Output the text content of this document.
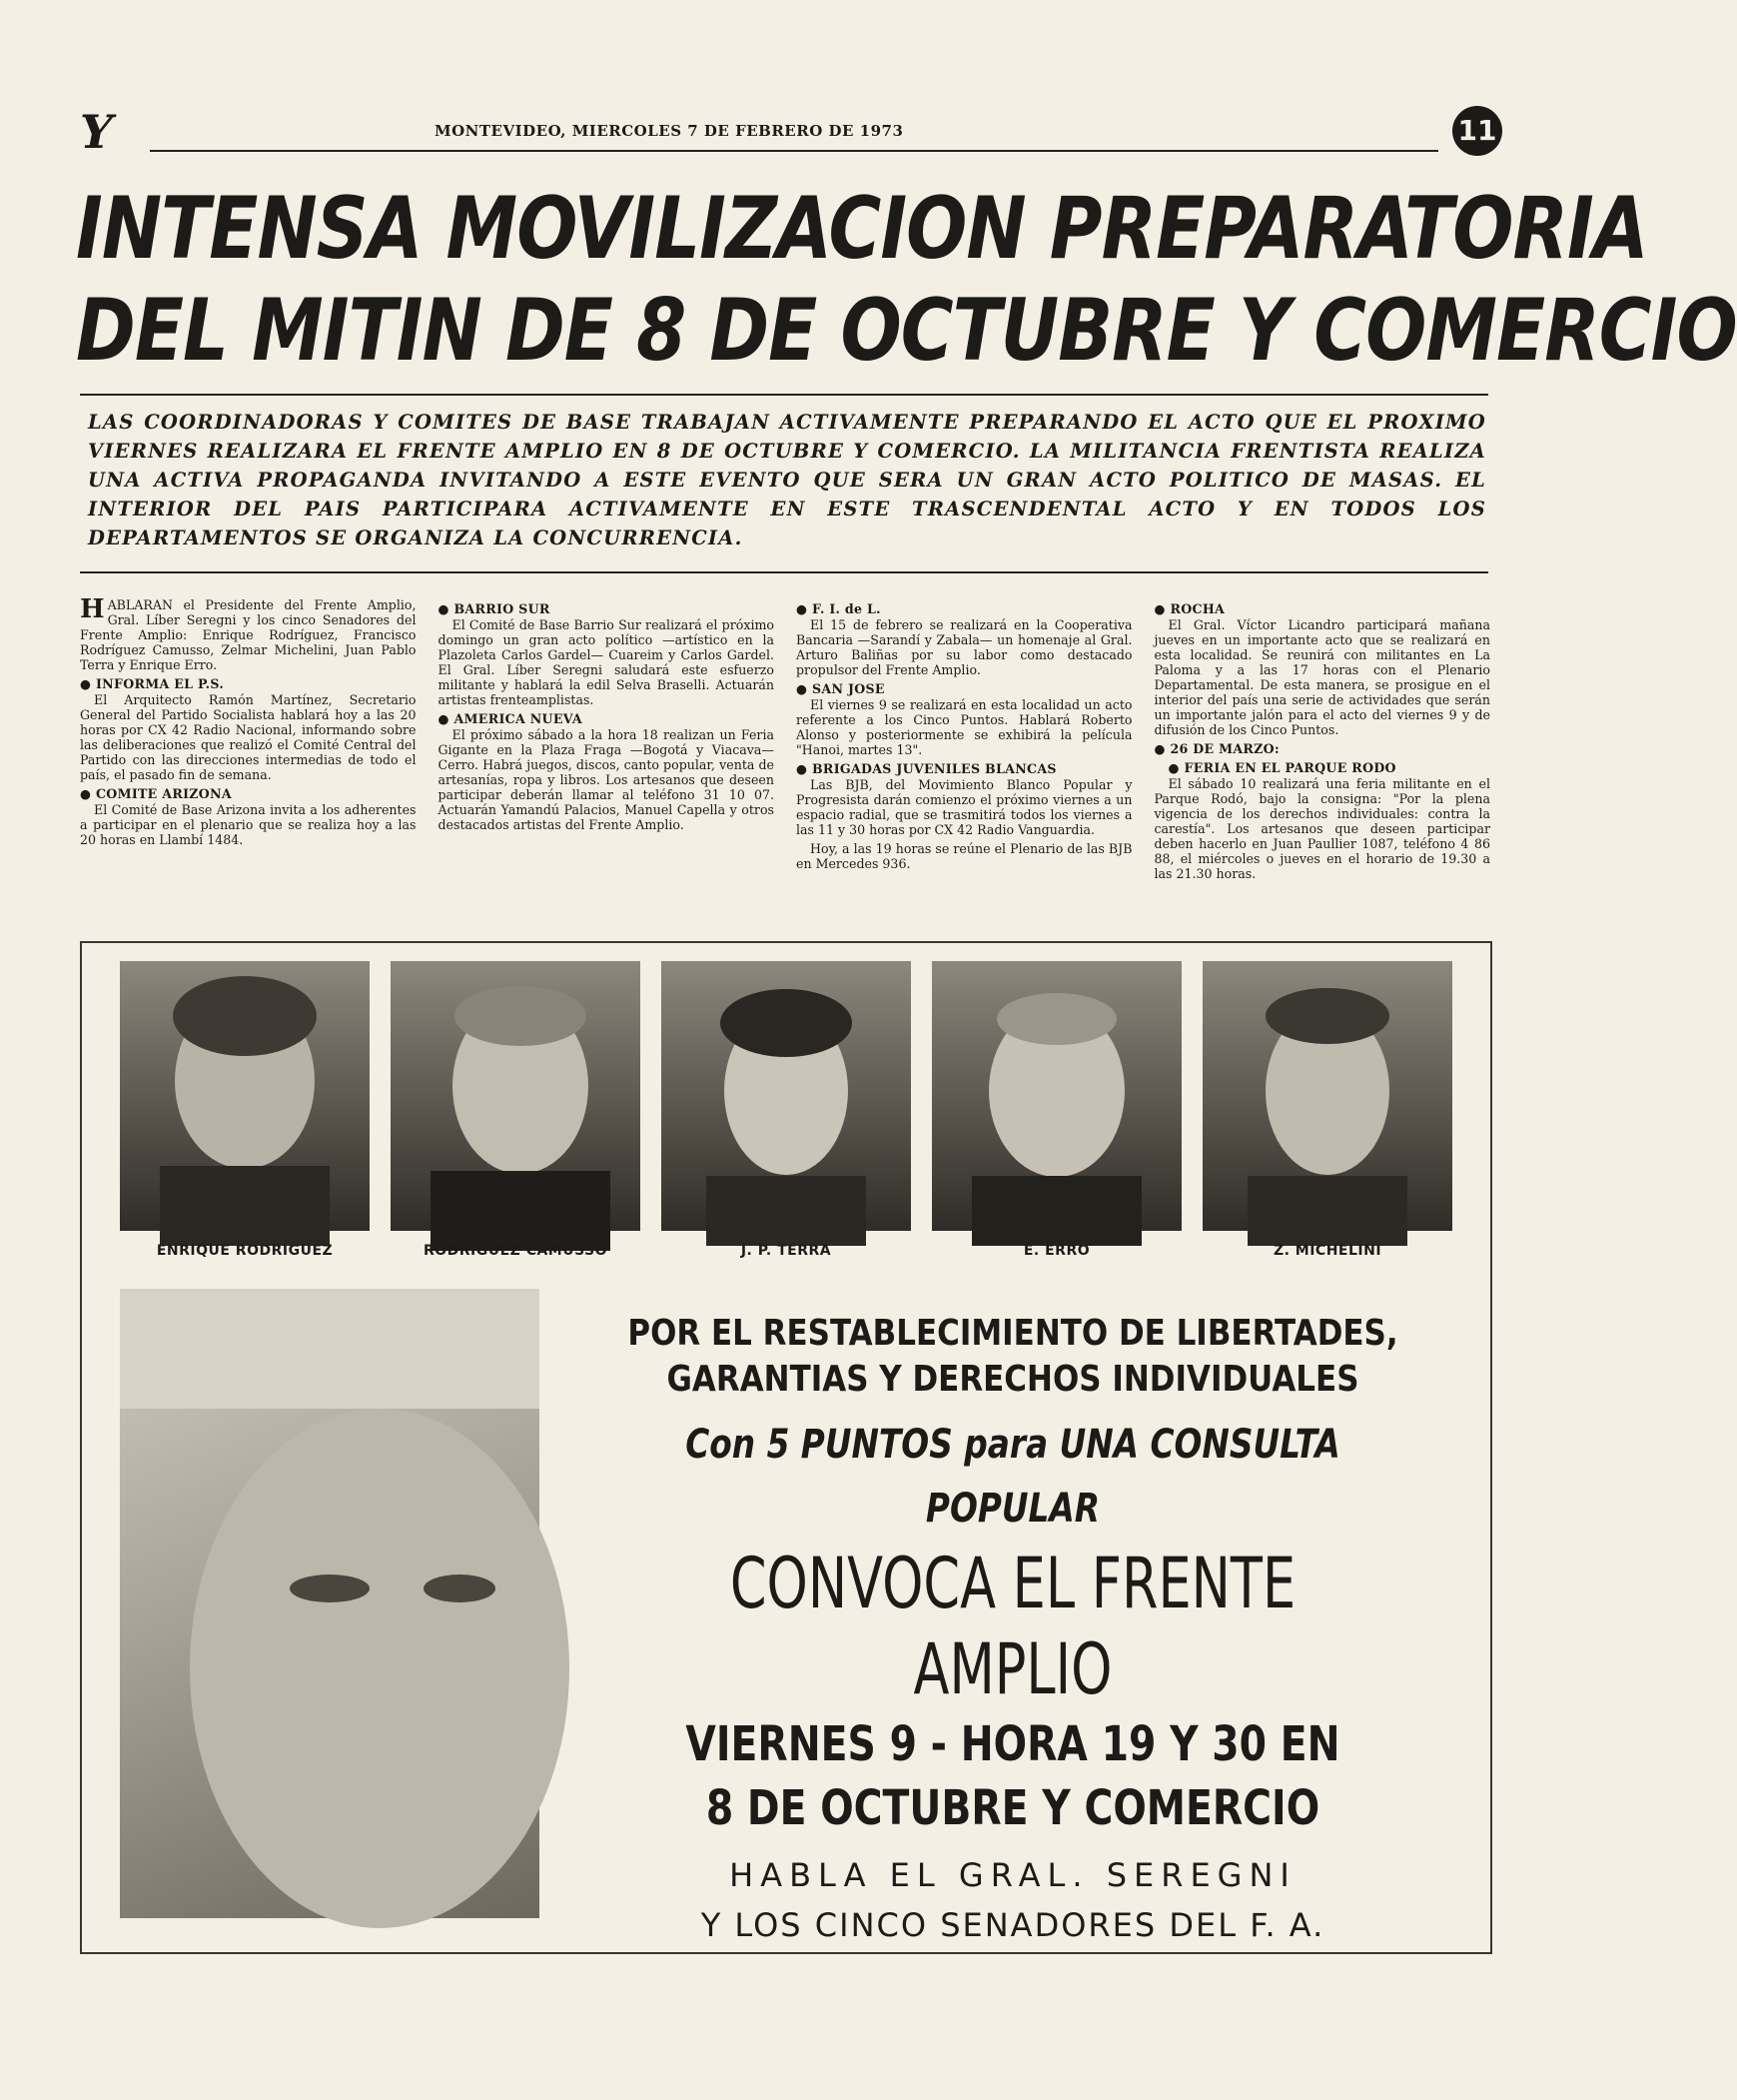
Y	MONTEVIDEO, MIERCOLES 7 DE FEBRERO DE 1973	11
INTENSA MOVILIZACION PREPARATORIA
DEL MITIN DE 8 DE OCTUBRE Y COMERCIO
LAS COORDINADORAS Y COMITES DE BASE TRABAJAN ACTIVAMENTE PREPARANDO EL ACTO QUE EL PROXIMO VIERNES REALIZARA EL FRENTE AMPLIO EN 8 DE OCTUBRE Y COMERCIO. LA MILITANCIA FRENTISTA REALIZA UNA ACTIVA PROPAGANDA INVITANDO A ESTE EVENTO QUE SERA UN GRAN ACTO POLITICO DE MASAS. EL INTERIOR DEL PAIS PARTICIPARA ACTIVAMENTE EN ESTE TRASCENDENTAL ACTO Y EN TODOS LOS DEPARTAMENTOS SE ORGANIZA LA CONCURRENCIA.

HABLARAN el Presidente del Frente Amplio, Gral. Líber Seregni y los cinco Senadores del Frente Amplio: Enrique Rodríguez, Francisco Rodríguez Camusso, Zelmar Michelini, Juan Pablo Terra y Enrique Erro.

● INFORMA EL P.S.

El Arquitecto Ramón Martínez, Secretario General del Partido Socialista hablará hoy a las 20 horas por CX 42 Radio Nacional, informando sobre las deliberaciones que realizó el Comité Central del Partido con las direcciones intermedias de todo el país, el pasado fin de semana.

● COMITE ARIZONA

El Comité de Base Arizona invita a los adherentes a participar en el plenario que se realiza hoy a las 20 horas en Llambí 1484.

● BARRIO SUR

El Comité de Base Barrio Sur realizará el próximo domingo un gran acto político —artístico en la Plazoleta Carlos Gardel— Cuareim y Carlos Gardel. El Gral. Líber Seregni saludará este esfuerzo militante y hablará la edil Selva Braselli. Actuarán artistas frenteamplistas.

● AMERICA NUEVA

El próximo sábado a la hora 18 realizan un Feria Gigante en la Plaza Fraga —Bogotá y Viacava— Cerro. Habrá juegos, discos, canto popular, venta de artesanías, ropa y libros. Los artesanos que deseen participar deberán llamar al teléfono 31 10 07. Actuarán Yamandú Palacios, Manuel Capella y otros destacados artistas del Frente Amplio.

● F. I. de L.

El 15 de febrero se realizará en la Cooperativa Bancaria —Sarandí y Zabala— un homenaje al Gral. Arturo Baliñas por su labor como destacado propulsor del Frente Amplio.

● SAN JOSE

El viernes 9 se realizará en esta localidad un acto referente a los Cinco Puntos. Hablará Roberto Alonso y posteriormente se exhibirá la película "Hanoi, martes 13".

● BRIGADAS JUVENILES BLANCAS

Las BJB, del Movimiento Blanco Popular y Progresista darán comienzo el próximo viernes a un espacio radial, que se trasmitirá todos los viernes a las 11 y 30 horas por CX 42 Radio Vanguardia.

Hoy, a las 19 horas se reúne el Plenario de las BJB en Mercedes 936.

● ROCHA

El Gral. Víctor Licandro participará mañana jueves en un importante acto que se realizará en esta localidad. Se reunirá con militantes en La Paloma y a las 17 horas con el Plenario Departamental. De esta manera, se prosigue en el interior del país una serie de actividades que serán un importante jalón para el acto del viernes 9 y de difusión de los Cinco Puntos.

● 26 DE MARZO:

● FERIA EN EL PARQUE RODO

El sábado 10 realizará una feria militante en el Parque Rodó, bajo la consigna: "Por la plena vigencia de los derechos individuales: contra la carestía". Los artesanos que deseen participar deben hacerlo en Juan Paullier 1087, teléfono 4 86 88, el miércoles o jueves en el horario de 19.30 a las 21.30 horas.

ENRIQUE RODRIGUEZ	RODRIGUEZ CAMUSSO	J. P. TERRA	E. ERRO	Z. MICHELINI
POR EL RESTABLECIMIENTO DE LIBERTADES,
GARANTIAS Y DERECHOS INDIVIDUALES
Con 5 PUNTOS para UNA CONSULTA POPULAR
CONVOCA EL FRENTE AMPLIO
VIERNES 9 - HORA 19 Y 30 EN
8 DE OCTUBRE Y COMERCIO
HABLA EL GRAL. SEREGNI
Y LOS CINCO SENADORES DEL F. A.
